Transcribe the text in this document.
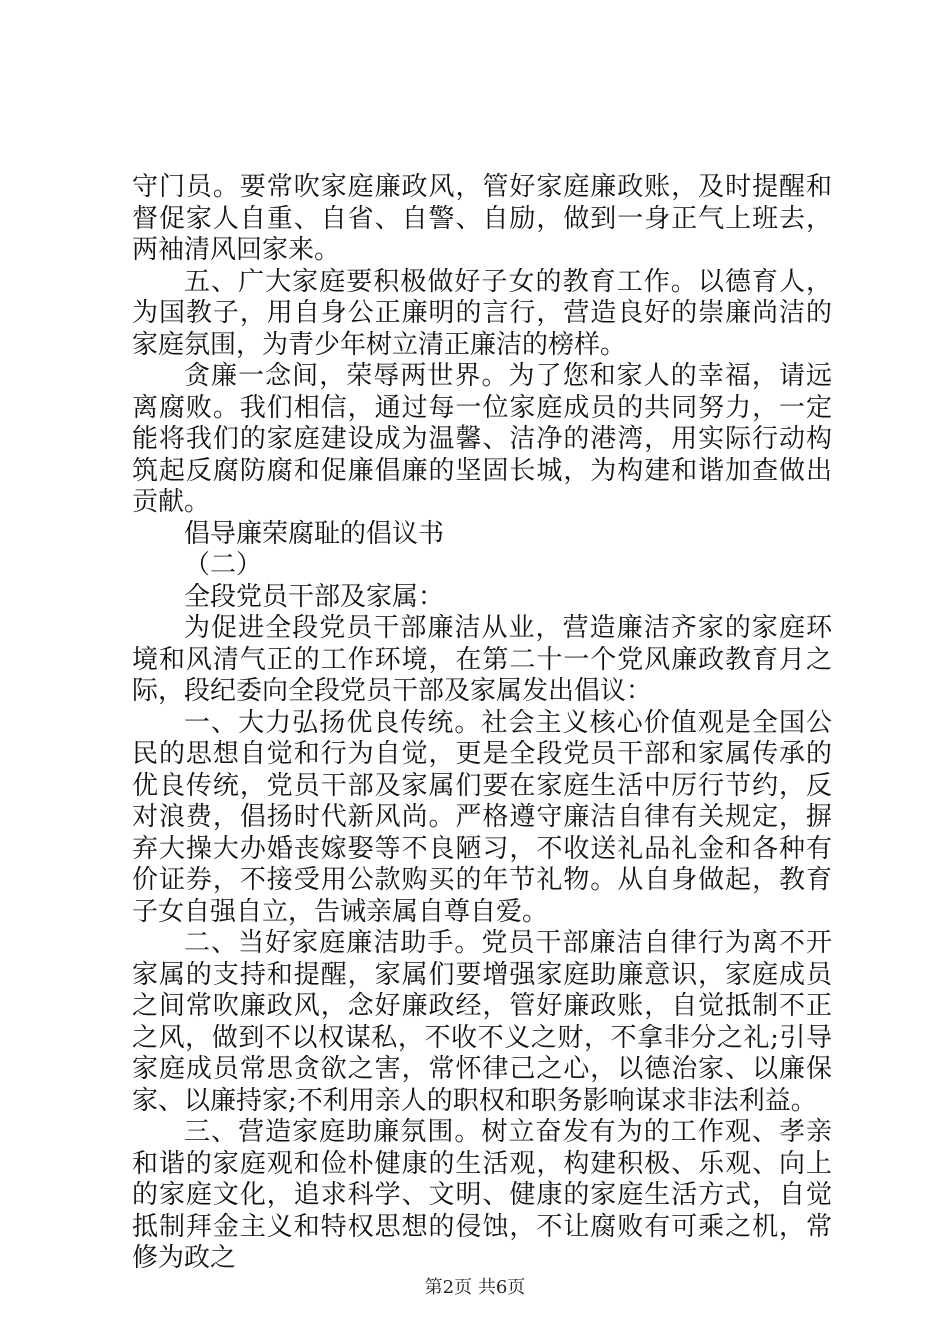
守门员。要常吹家庭廉政风，管好家庭廉政账，及时提醒和督促家人自重、自省、自警、自励，做到一身正气上班去，两袖清风回家来。

五、广大家庭要积极做好子女的教育工作。以德育人，为国教子，用自身公正廉明的言行，营造良好的崇廉尚洁的家庭氛围，为青少年树立清正廉洁的榜样。

贪廉一念间，荣辱两世界。为了您和家人的幸福，请远离腐败。我们相信，通过每一位家庭成员的共同努力，一定能将我们的家庭建设成为温馨、洁净的港湾，用实际行动构筑起反腐防腐和促廉倡廉的坚固长城，为构建和谐加查做出贡献。

倡导廉荣腐耻的倡议书

（二）

全段党员干部及家属：

为促进全段党员干部廉洁从业，营造廉洁齐家的家庭环境和风清气正的工作环境，在第二十一个党风廉政教育月之际，段纪委向全段党员干部及家属发出倡议：

一、大力弘扬优良传统。社会主义核心价值观是全国公民的思想自觉和行为自觉，更是全段党员干部和家属传承的优良传统，党员干部及家属们要在家庭生活中厉行节约，反对浪费，倡扬时代新风尚。严格遵守廉洁自律有关规定，摒弃大操大办婚丧嫁娶等不良陋习，不收送礼品礼金和各种有价证券，不接受用公款购买的年节礼物。从自身做起，教育子女自强自立，告诫亲属自尊自爱。

二、当好家庭廉洁助手。党员干部廉洁自律行为离不开家属的支持和提醒，家属们要增强家庭助廉意识，家庭成员之间常吹廉政风，念好廉政经，管好廉政账，自觉抵制不正之风，做到不以权谋私，不收不义之财，不拿非分之礼;引导家庭成员常思贪欲之害，常怀律己之心，以德治家、以廉保家、以廉持家;不利用亲人的职权和职务影响谋求非法利益。

三、营造家庭助廉氛围。树立奋发有为的工作观、孝亲和谐的家庭观和俭朴健康的生活观，构建积极、乐观、向上的家庭文化，追求科学、文明、健康的家庭生活方式，自觉抵制拜金主义和特权思想的侵蚀，不让腐败有可乘之机，常修为政之

第2页 共6页
